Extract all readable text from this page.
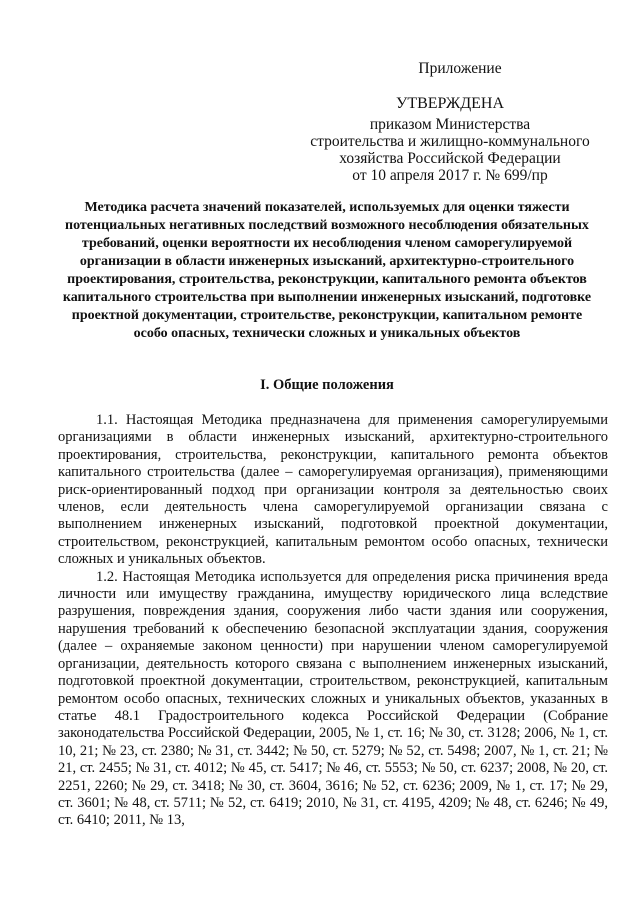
Приложение
УТВЕРЖДЕНА
приказом Министерства
строительства и жилищно-коммунального
хозяйства Российской Федерации
от 10 апреля 2017 г. № 699/пр
Методика расчета значений показателей, используемых для оценки тяжести потенциальных негативных последствий возможного несоблюдения обязательных требований, оценки вероятности их несоблюдения членом саморегулируемой организации в области инженерных изысканий, архитектурно-строительного проектирования, строительства, реконструкции, капитального ремонта объектов капитального строительства при выполнении инженерных изысканий, подготовке проектной документации, строительстве, реконструкции, капитальном ремонте особо опасных, технически сложных и уникальных объектов
I. Общие положения

1.1. Настоящая Методика предназначена для применения саморегулируемыми организациями в области инженерных изысканий, архитектурно-строительного проектирования, строительства, реконструкции, капитального ремонта объектов капитального строительства (далее – саморегулируемая организация), применяющими риск-ориентированный подход при организации контроля за деятельностью своих членов, если деятельность члена саморегулируемой организации связана с выполнением инженерных изысканий, подготовкой проектной документации, строительством, реконструкцией, капитальным ремонтом особо опасных, технически сложных и уникальных объектов.

1.2. Настоящая Методика используется для определения риска причинения вреда личности или имуществу гражданина, имуществу юридического лица вследствие разрушения, повреждения здания, сооружения либо части здания или сооружения, нарушения требований к обеспечению безопасной эксплуатации здания, сооружения (далее – охраняемые законом ценности) при нарушении членом саморегулируемой организации, деятельность которого связана с выполнением инженерных изысканий, подготовкой проектной документации, строительством, реконструкцией, капитальным ремонтом особо опасных, технических сложных и уникальных объектов, указанных в статье 48.1 Градостроительного кодекса Российской Федерации (Собрание законодательства Российской Федерации, 2005, № 1, ст. 16; № 30, ст. 3128; 2006, № 1, ст. 10, 21; № 23, ст. 2380; № 31, ст. 3442; № 50, ст. 5279; № 52, ст. 5498; 2007, № 1, ст. 21; № 21, ст. 2455; № 31, ст. 4012; № 45, ст. 5417; № 46, ст. 5553; № 50, ст. 6237; 2008, № 20, ст. 2251, 2260; № 29, ст. 3418; № 30, ст. 3604, 3616; № 52, ст. 6236; 2009, № 1, ст. 17; № 29, ст. 3601; № 48, ст. 5711; № 52, ст. 6419; 2010, № 31, ст. 4195, 4209; № 48, ст. 6246; № 49, ст. 6410; 2011, № 13,
